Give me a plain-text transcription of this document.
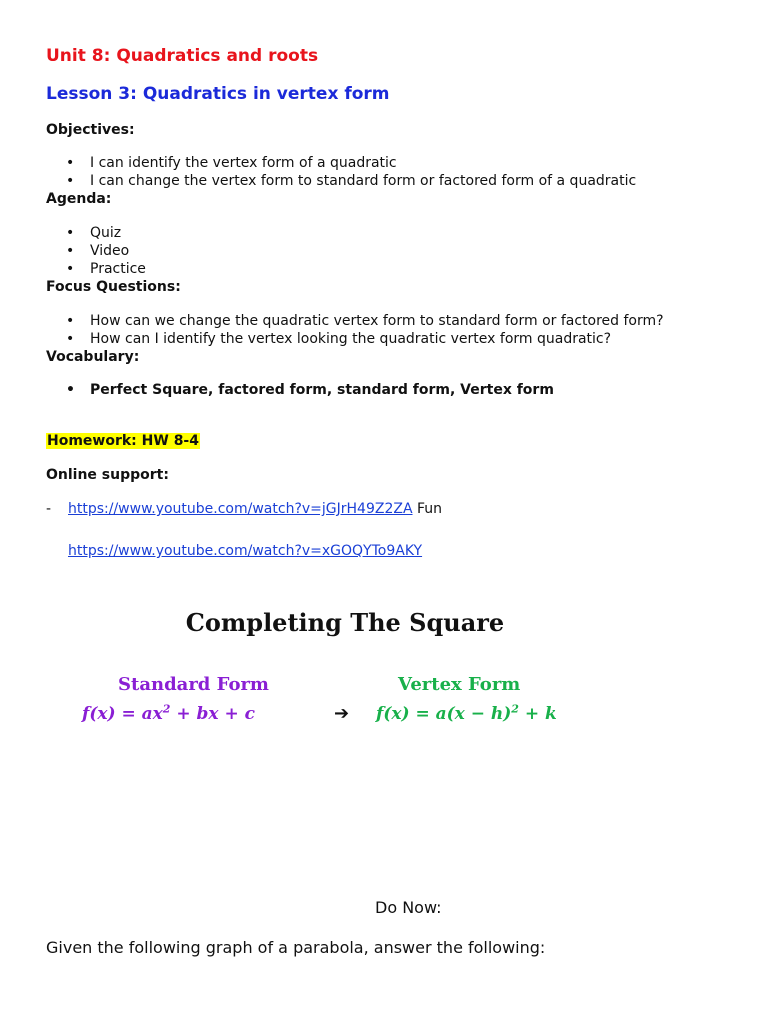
Unit 8: Quadratics and roots
Lesson 3: Quadratics in vertex form
Objectives:
• I can identify the vertex form of a quadratic
• I can change the vertex form to standard form or factored form of a quadratic
Agenda:
• Quiz
• Video
• Practice
Focus Questions:
• How can we change the quadratic vertex form to standard form or factored form?
• How can I identify the vertex looking the quadratic vertex form quadratic?
Vocabulary:
• Perfect Square, factored form, standard form, Vertex form
Homework: HW 8-4
Online support:
- https://www.youtube.com/watch?v=jGJrH49Z2ZA Fun
https://www.youtube.com/watch?v=xGOQYTo9AKY
Completing The Square
Standard Form	Vertex Form
$f(x) = ax^2$ + bx + c	➔ $f(x) = a(x - h)^2 + k$
Do Now:
Given the following graph of a parabola, answer the following:
